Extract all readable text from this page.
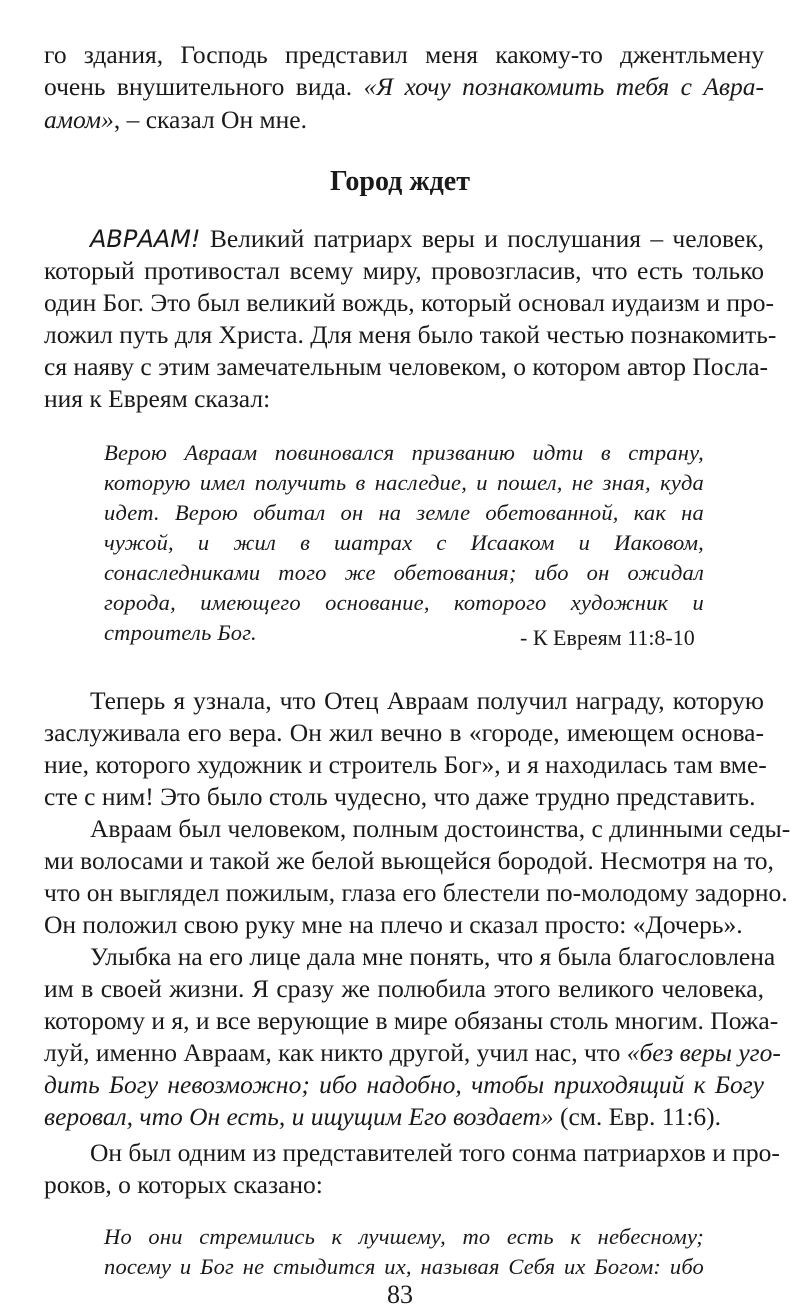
го здания, Господь представил меня какому-то джентльмену
очень внушительного вида. «Я хочу познакомить тебя с Авра-
амом», – сказал Он мне.
Город ждет
АВРААМ! Великий патриарх веры и послушания – человек,
который противостал всему миру, провозгласив, что есть только
один Бог. Это был великий вождь, который основал иудаизм и про-
ложил путь для Христа. Для меня было такой честью познакомить-
ся наяву с этим замечательным человеком, о котором автор Посла-
ния к Евреям сказал:
Верою Авраам повиновался призванию идти в страну,
которую имел получить в наследие, и пошел, не зная, куда
идет. Верою обитал он на земле обетованной, как на
чужой, и жил в шатрах с Исааком и Иаковом,
сонаследниками того же обетования; ибо он ожидал
города, имеющего основание, которого художник и
строитель Бог.	- К Евреям 11:8-10
Теперь я узнала, что Отец Авраам получил награду, которую
заслуживала его вера. Он жил вечно в «городе, имеющем основа-
ние, которого художник и строитель Бог», и я находилась там вме-
сте с ним! Это было столь чудесно, что даже трудно представить.
Авраам был человеком, полным достоинства, с длинными седы-
ми волосами и такой же белой вьющейся бородой. Несмотря на то,
что он выглядел пожилым, глаза его блестели по-молодому задорно.
Он положил свою руку мне на плечо и сказал просто: «Дочерь».
Улыбка на его лице дала мне понять, что я была благословлена
им в своей жизни. Я сразу же полюбила этого великого человека,
которому и я, и все верующие в мире обязаны столь многим. Пожа-
луй, именно Авраам, как никто другой, учил нас, что «без веры уго-
дить Богу невозможно; ибо надобно, чтобы приходящий к Богу
веровал, что Он есть, и ищущим Его воздает» (см. Евр. 11:6).
Он был одним из представителей того сонма патриархов и про-
роков, о которых сказано:
Но они стремились к лучшему, то есть к небесному;
посему и Бог не стыдится их, называя Себя их Богом: ибо
83
